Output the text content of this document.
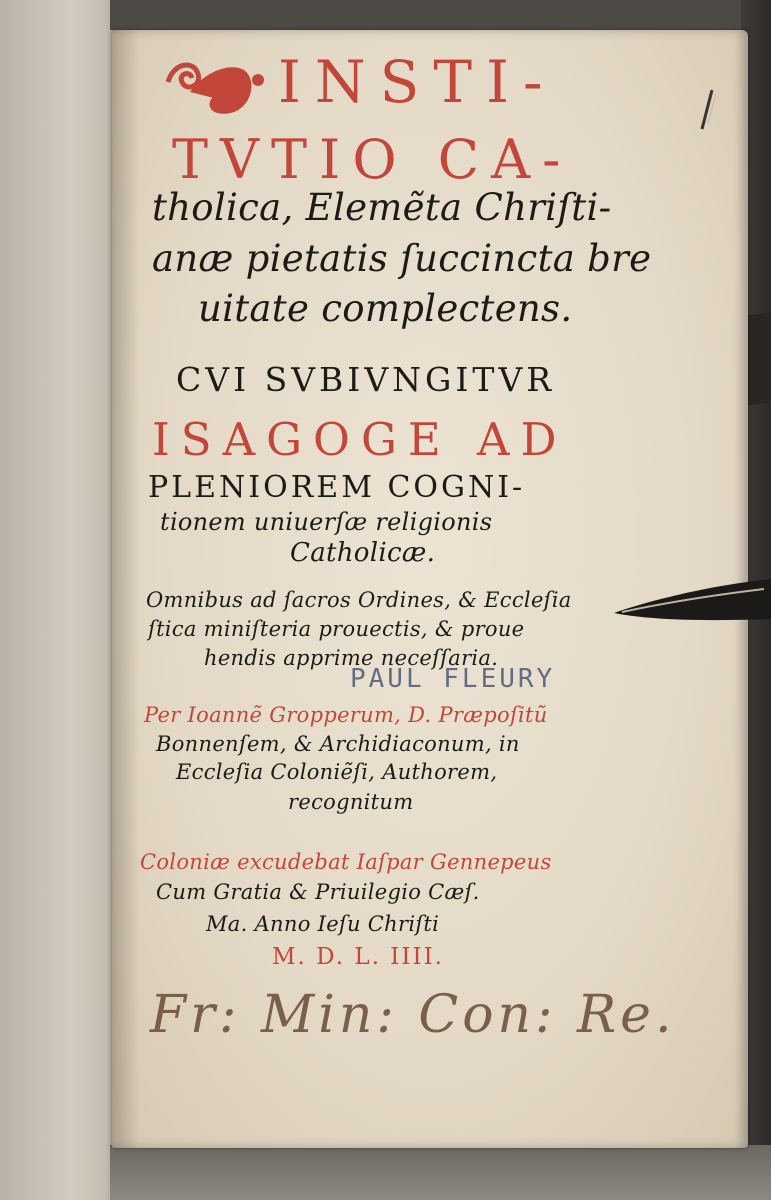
INSTI-
TVTIO CA-
tholica, Elemẽta Chriſti-
anæ pietatis ſuccincta bre
uitate complectens.
CVI SVBIVNGITVR
ISAGOGE AD
PLENIOREM COGNI-
tionem uniuerſæ religionis
Catholicæ.
Omnibus ad ſacros Ordines, & Eccleſia
ſtica miniſteria prouectis, & proue
hendis apprime neceſſaria.
PAUL FLEURY
Per Ioannẽ Gropperum, D. Præpoſitũ
Bonnenſem, & Archidiaconum, in
Eccleſia Coloniẽſi, Authorem,
recognitum
Coloniæ excudebat Iaſpar Gennepeus
Cum Gratia & Priuilegio Cæſ.
Ma. Anno Ieſu Chriſti
M. D. L. IIII.
Fr: Min: Con: Re.
